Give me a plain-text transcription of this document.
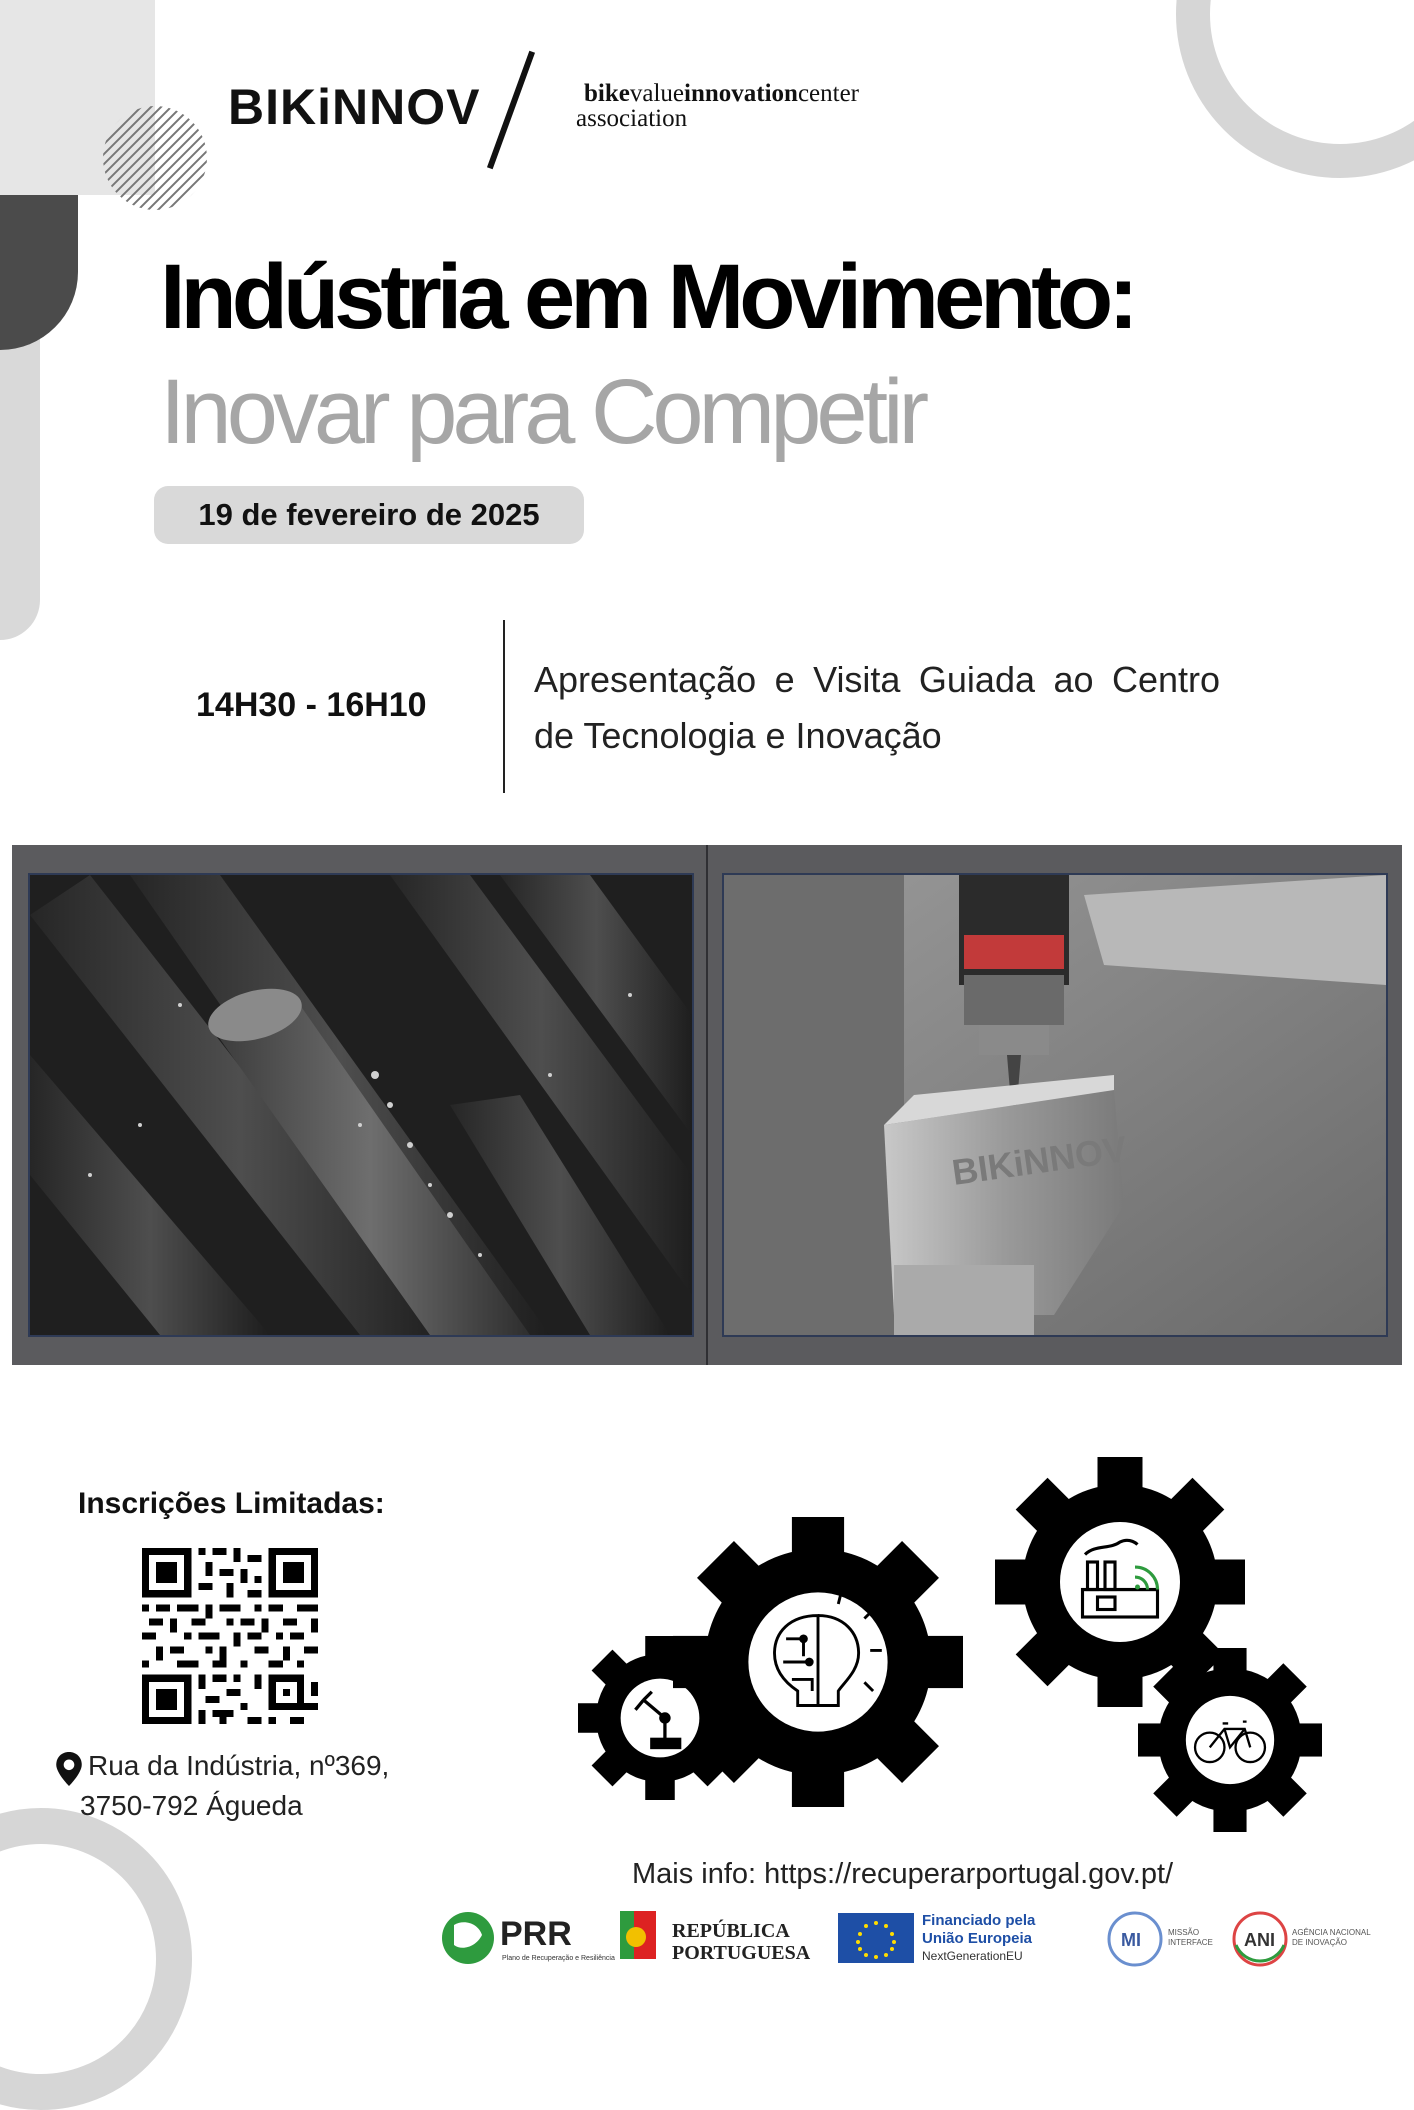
BIKiNNOV	bikevalueinnovationcenter
association
Indústria em Movimento:
Inovar para Competir
19 de fevereiro de 2025
14H30 - 16H10
Apresentação e Visita Guiada ao Centro de Tecnologia e Inovação
BIKiNNOV
Inscrições Limitadas:
Rua da Indústria, nº369,
3750-792 Águeda
Mais info: https://recuperarportugal.gov.pt/
PRR
Plano de Recuperação e Resiliência
REPÚBLICA
PORTUGUESA
Financiado pela
União Europeia
NextGenerationEU
MI	MISSÃO
INTERFACE ANI AGÊNCIA NACIONAL
DE INOVAÇÃO
